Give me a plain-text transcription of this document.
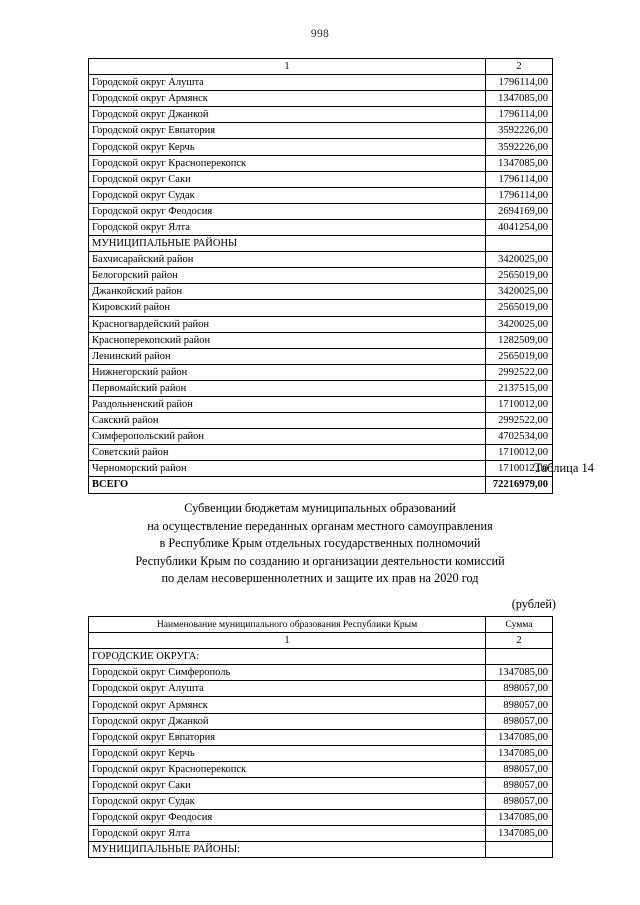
998
1	2
Городской округ Алушта	1796114,00
Городской округ Армянск	1347085,00
Городской округ Джанкой	1796114,00
Городской округ Евпатория	3592226,00
Городской округ Керчь	3592226,00
Городской округ Красноперекопск	1347085,00
Городской округ Саки	1796114,00
Городской округ Судак	1796114,00
Городской округ Феодосия	2694169,00
Городской округ Ялта	4041254,00
МУНИЦИПАЛЬНЫЕ РАЙОНЫ	
Бахчисарайский район	3420025,00
Белогорский район	2565019,00
Джанкойский район	3420025,00
Кировский район	2565019,00
Красногвардейский район	3420025,00
Красноперекопский район	1282509,00
Ленинский район	2565019,00
Нижнегорский район	2992522,00
Первомайский район	2137515,00
Раздольненский район	1710012,00
Сакский район	2992522,00
Симферопольский район	4702534,00
Советский район	1710012,00
Черноморский район	1710012,00
ВСЕГО	72216979,00
Таблица 14
Субвенции бюджетам муниципальных образований
на осуществление переданных органам местного самоуправления
в Республике Крым отдельных государственных полномочий
Республики Крым по созданию и организации деятельности комиссий
по делам несовершеннолетних и защите их прав на 2020 год
(рублей)
Наименование муниципального образования Республики Крым	Сумма
1	2
ГОРОДСКИЕ ОКРУГА:	
Городской округ Симферополь	1347085,00
Городской округ Алушта	898057,00
Городской округ Армянск	898057,00
Городской округ Джанкой	898057,00
Городской округ Евпатория	1347085,00
Городской округ Керчь	1347085,00
Городской округ Красноперекопск	898057,00
Городской округ Саки	898057,00
Городской округ Судак	898057,00
Городской округ Феодосия	1347085,00
Городской округ Ялта	1347085,00
МУНИЦИПАЛЬНЫЕ РАЙОНЫ:	
